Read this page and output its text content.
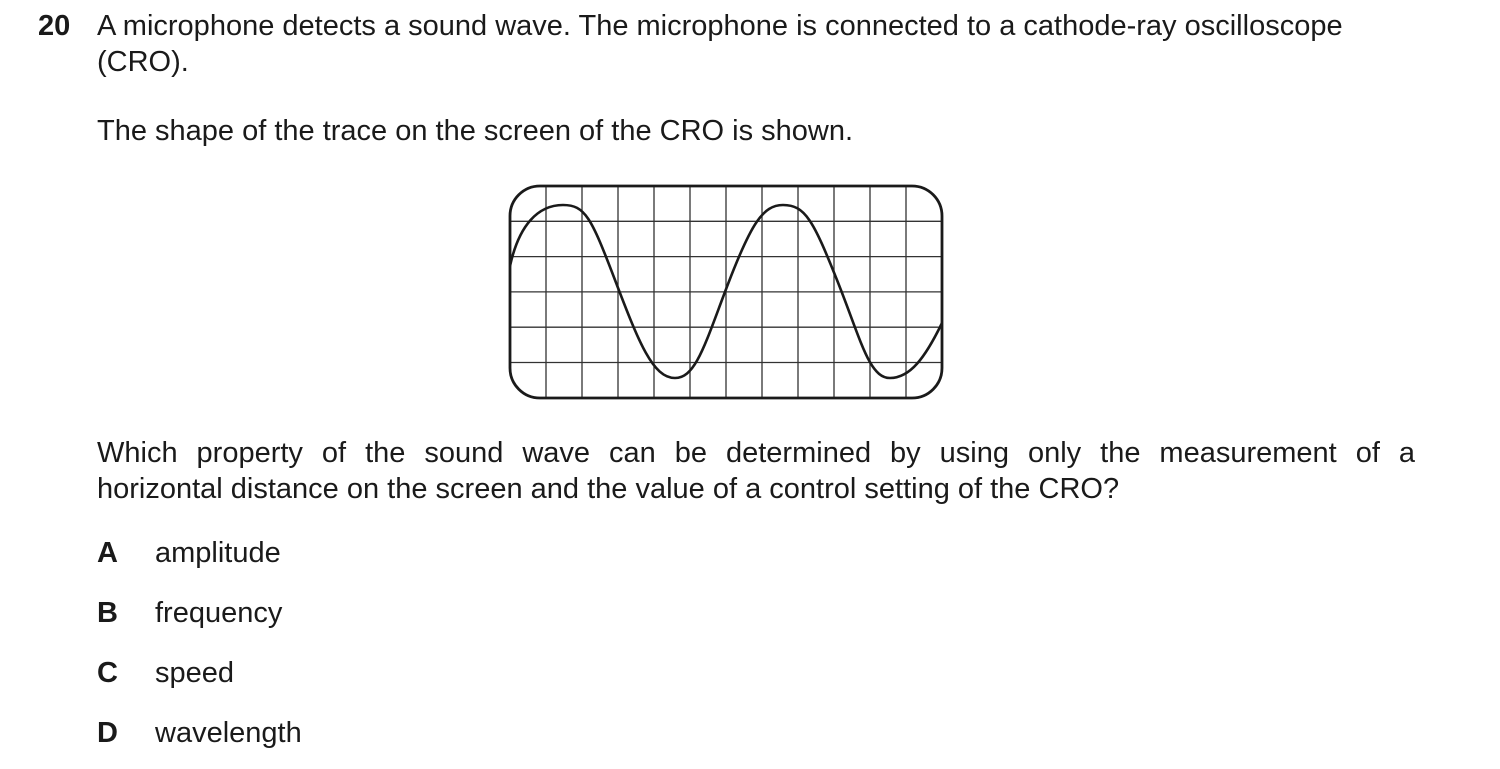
20 A microphone detects a sound wave. The microphone is connected to a cathode-ray oscilloscope
(CRO).
The shape of the trace on the screen of the CRO is shown.
Which property of the sound wave can be determined by using only the measurement of a
horizontal distance on the screen and the value of a control setting of the CRO?
A amplitude
B frequency
C speed
D wavelength
